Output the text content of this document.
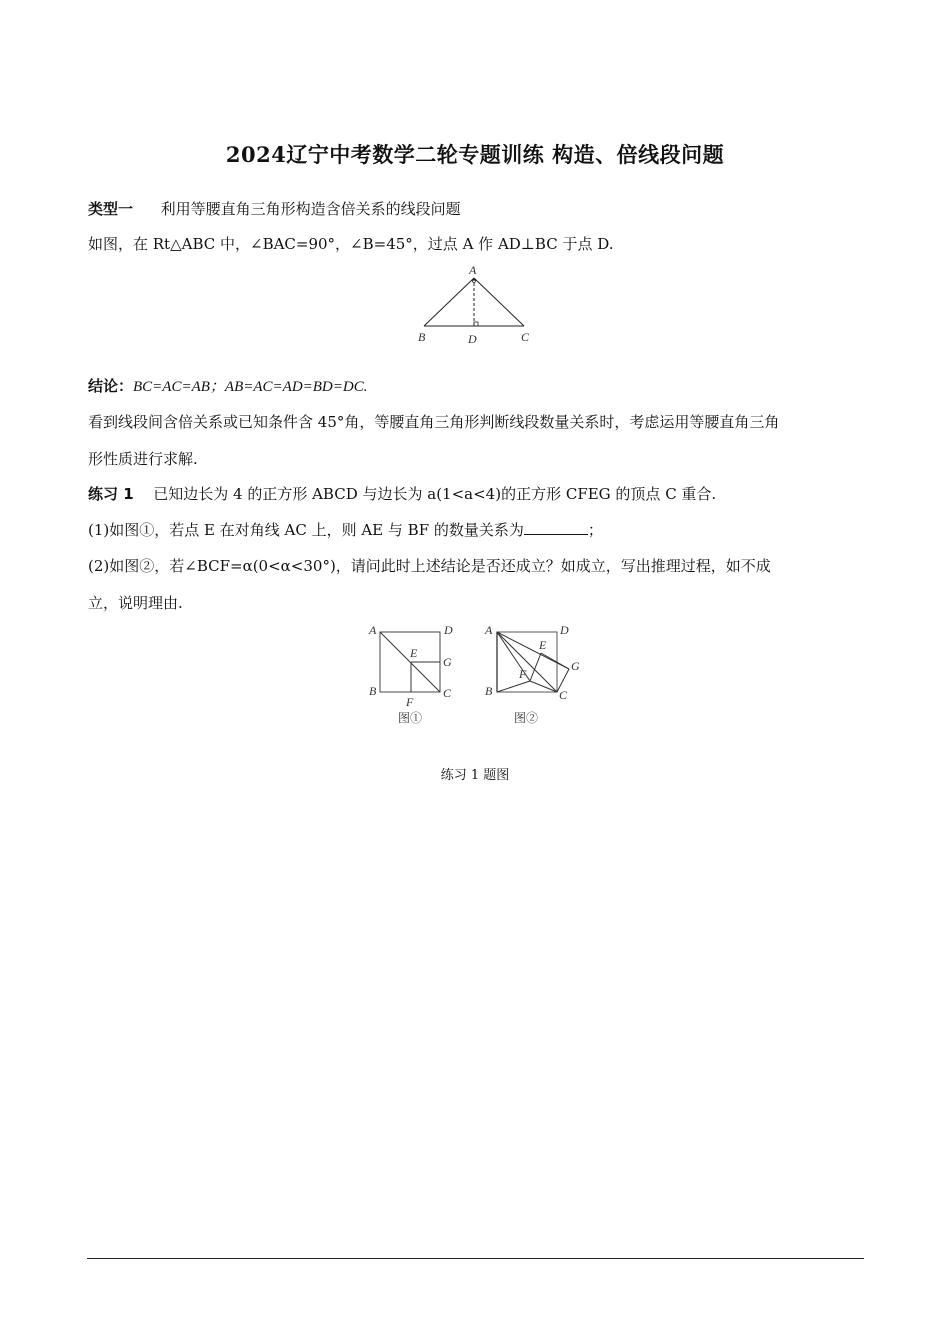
2024辽宁中考数学二轮专题训练 构造、倍线段问题
类型一 利用等腰直角三角形构造含倍关系的线段问题
如图，在 Rt△ABC 中，∠BAC=90°，∠B=45°，过点 A 作 AD⊥BC 于点 D.
A
B	D	C
结论：BC=AC=AB；AB=AC=AD=BD=DC.
看到线段间含倍关系或已知条件含 45°角，等腰直角三角形判断线段数量关系时，考虑运用等腰直角三角
形性质进行求解.
练习 1 已知边长为 4 的正方形 ABCD 与边长为 a(1<a<4)的正方形 CFEG 的顶点 C 重合.
(1)如图①，若点 E 在对角线 AC 上，则 AE 与 BF 的数量关系为	；
(2)如图②，若∠BCF=α(0<α<30°)，请问此时上述结论是否还成立？如成立，写出推理过程，如不成
立，说明理由.
A	D
E
G
B	C
F
图①
A	D
E
G
F
B	C
图②
练习 1 题图
